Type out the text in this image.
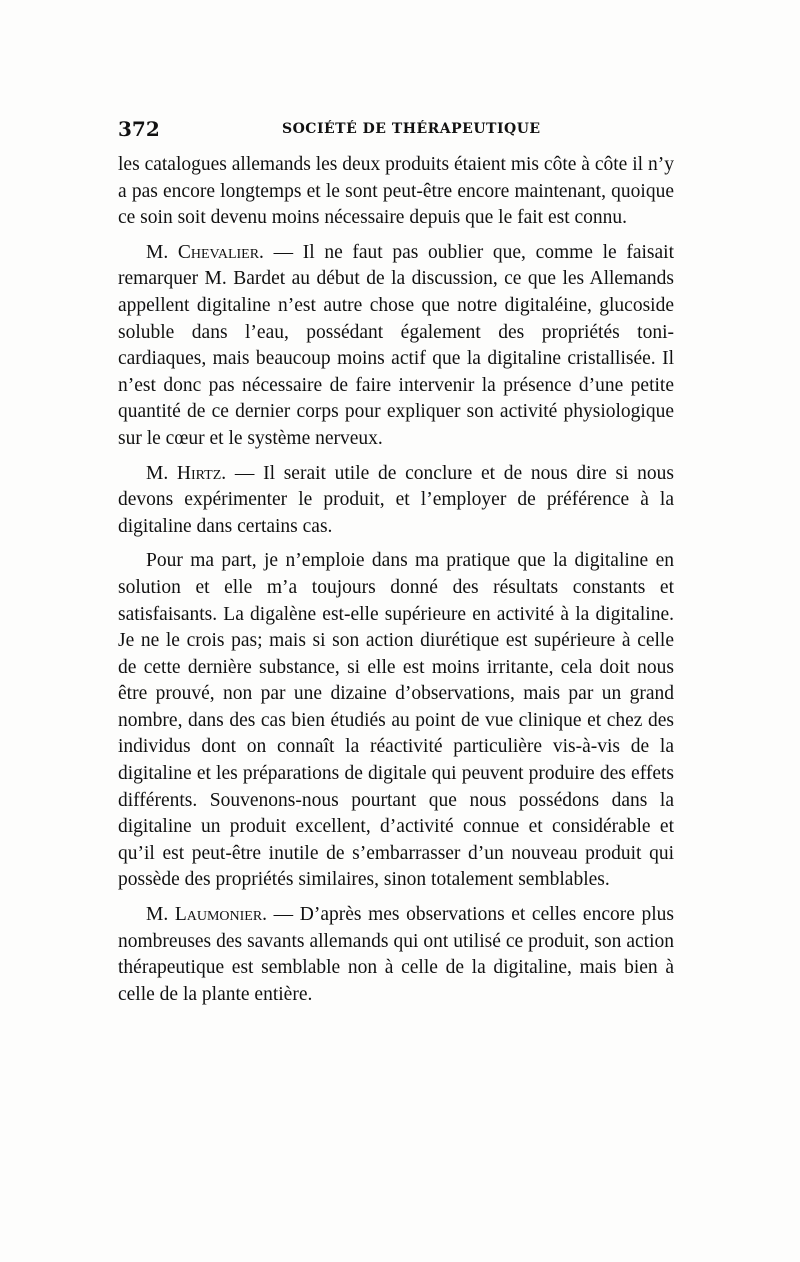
372	SOCIÉTÉ DE THÉRAPEUTIQUE

les catalogues allemands les deux produits étaient mis côte à côte il n’y a pas encore longtemps et le sont peut-être encore maintenant, quoique ce soin soit devenu moins nécessaire depuis que le fait est connu.

M. Chevalier. — Il ne faut pas oublier que, comme le faisait remarquer M. Bardet au début de la discussion, ce que les Allemands appellent digitaline n’est autre chose que notre digitaléine, glucoside soluble dans l’eau, possédant également des propriétés toni-cardiaques, mais beaucoup moins actif que la digitaline cristallisée. Il n’est donc pas nécessaire de faire intervenir la présence d’une petite quantité de ce dernier corps pour expliquer son activité physiologique sur le cœur et le système nerveux.

M. Hirtz. — Il serait utile de conclure et de nous dire si nous devons expérimenter le produit, et l’employer de préférence à la digitaline dans certains cas.

Pour ma part, je n’emploie dans ma pratique que la digitaline en solution et elle m’a toujours donné des résultats constants et satisfaisants. La digalène est-elle supérieure en activité à la digitaline. Je ne le crois pas; mais si son action diurétique est supérieure à celle de cette dernière substance, si elle est moins irritante, cela doit nous être prouvé, non par une dizaine d’observations, mais par un grand nombre, dans des cas bien étudiés au point de vue clinique et chez des individus dont on connaît la réactivité particulière vis-à-vis de la digitaline et les préparations de digitale qui peuvent produire des effets différents. Souvenons-nous pourtant que nous possédons dans la digitaline un produit excellent, d’activité connue et considérable et qu’il est peut-être inutile de s’embarrasser d’un nouveau produit qui possède des propriétés similaires, sinon totalement semblables.

M. Laumonier. — D’après mes observations et celles encore plus nombreuses des savants allemands qui ont utilisé ce produit, son action thérapeutique est semblable non à celle de la digitaline, mais bien à celle de la plante entière.
